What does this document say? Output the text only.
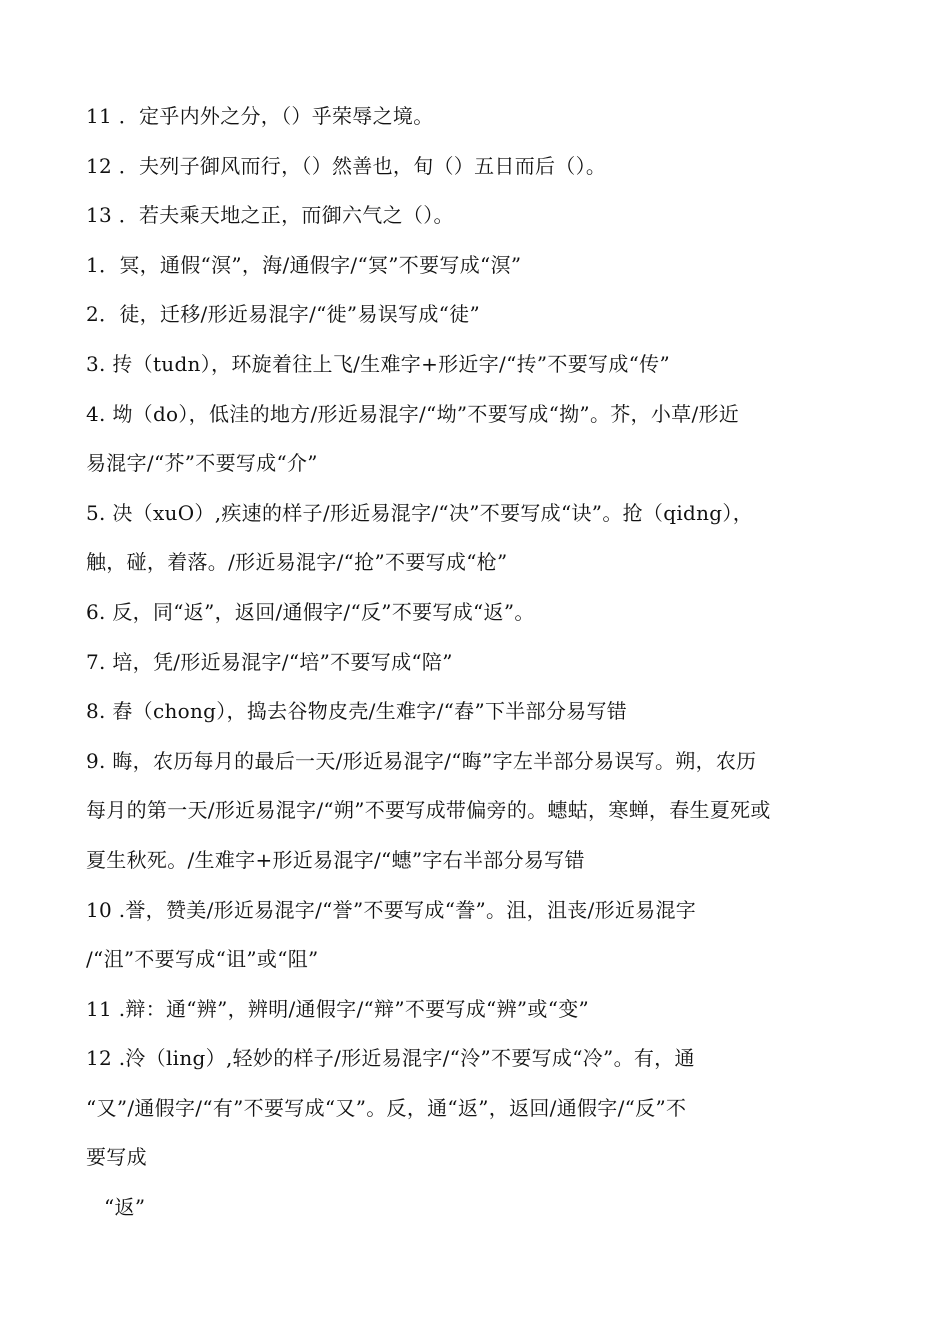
11 ．定乎内外之分，（）乎荣辱之境。
12 ．夫列子御风而行，（）然善也，旬（）五日而后（）。
13 ．若夫乘天地之正，而御六气之（）。
1．冥，通假“溟”，海/通假字/“冥”不要写成“溟”
2．徒，迁移/形近易混字/“徙”易误写成“徒”
3. 抟（tudn），环旋着往上飞/生难字+形近字/“抟”不要写成“传”
4. 坳（do），低洼的地方/形近易混字/“坳”不要写成“拗”。芥，小草/形近
易混字/“芥”不要写成“介”
5. 决（xuO）,疾速的样子/形近易混字/“决”不要写成“诀”。抢（qidng），
触，碰，着落。/形近易混字/“抢”不要写成“枪”
6. 反，同“返”，返回/通假字/“反”不要写成“返”。
7. 培，凭/形近易混字/“培”不要写成“陪”
8. 舂（chong），捣去谷物皮壳/生难字/“舂”下半部分易写错
9. 晦，农历每月的最后一天/形近易混字/“晦”字左半部分易误写。朔，农历
每月的第一天/形近易混字/“朔”不要写成带偏旁的。蟪蛄，寒蝉，春生夏死或
夏生秋死。/生难字+形近易混字/“蟪”字右半部分易写错
10 .誉，赞美/形近易混字/“誉”不要写成“誊”。沮，沮丧/形近易混字
/“沮”不要写成“诅”或“阻”
11 .辩：通“辨”，辨明/通假字/“辩”不要写成“辨”或“变”
12 .泠（ling）,轻妙的样子/形近易混字/“泠”不要写成“冷”。有，通
“又”/通假字/“有”不要写成“又”。反，通“返”，返回/通假字/“反”不
要写成
“返”
